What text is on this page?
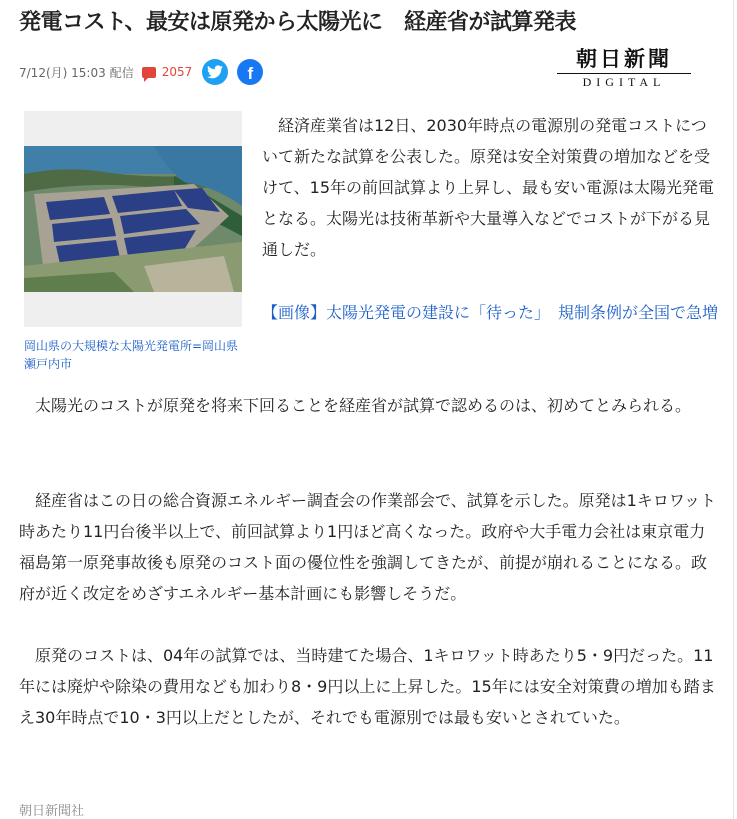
発電コスト、最安は原発から太陽光に　経産省が試算発表
7/12(月) 15:03 配信 2057	f
朝日新聞
DIGITAL
岡山県の大規模な太陽光発電所=岡山県瀬戸内市
　経済産業省は12日、2030年時点の電源別の発電コストについて新たな試算を公表した。原発は安全対策費の増加などを受けて、15年の前回試算より上昇し、最も安い電源は太陽光発電となる。太陽光は技術革新や大量導入などでコストが下がる見通しだ。
【画像】太陽光発電の建設に「待った」　規制条例が全国で急増
　太陽光のコストが原発を将来下回ることを経産省が試算で認めるのは、初めてとみられる。
　経産省はこの日の総合資源エネルギー調査会の作業部会で、試算を示した。原発は1キロワット時あたり11円台後半以上で、前回試算より1円ほど高くなった。政府や大手電力会社は東京電力福島第一原発事故後も原発のコスト面の優位性を強調してきたが、前提が崩れることになる。政府が近く改定をめざすエネルギー基本計画にも影響しそうだ。
　原発のコストは、04年の試算では、当時建てた場合、1キロワット時あたり5・9円だった。11年には廃炉や除染の費用なども加わり8・9円以上に上昇した。15年には安全対策費の増加も踏まえ30年時点で10・3円以上だとしたが、それでも電源別では最も安いとされていた。
朝日新聞社
